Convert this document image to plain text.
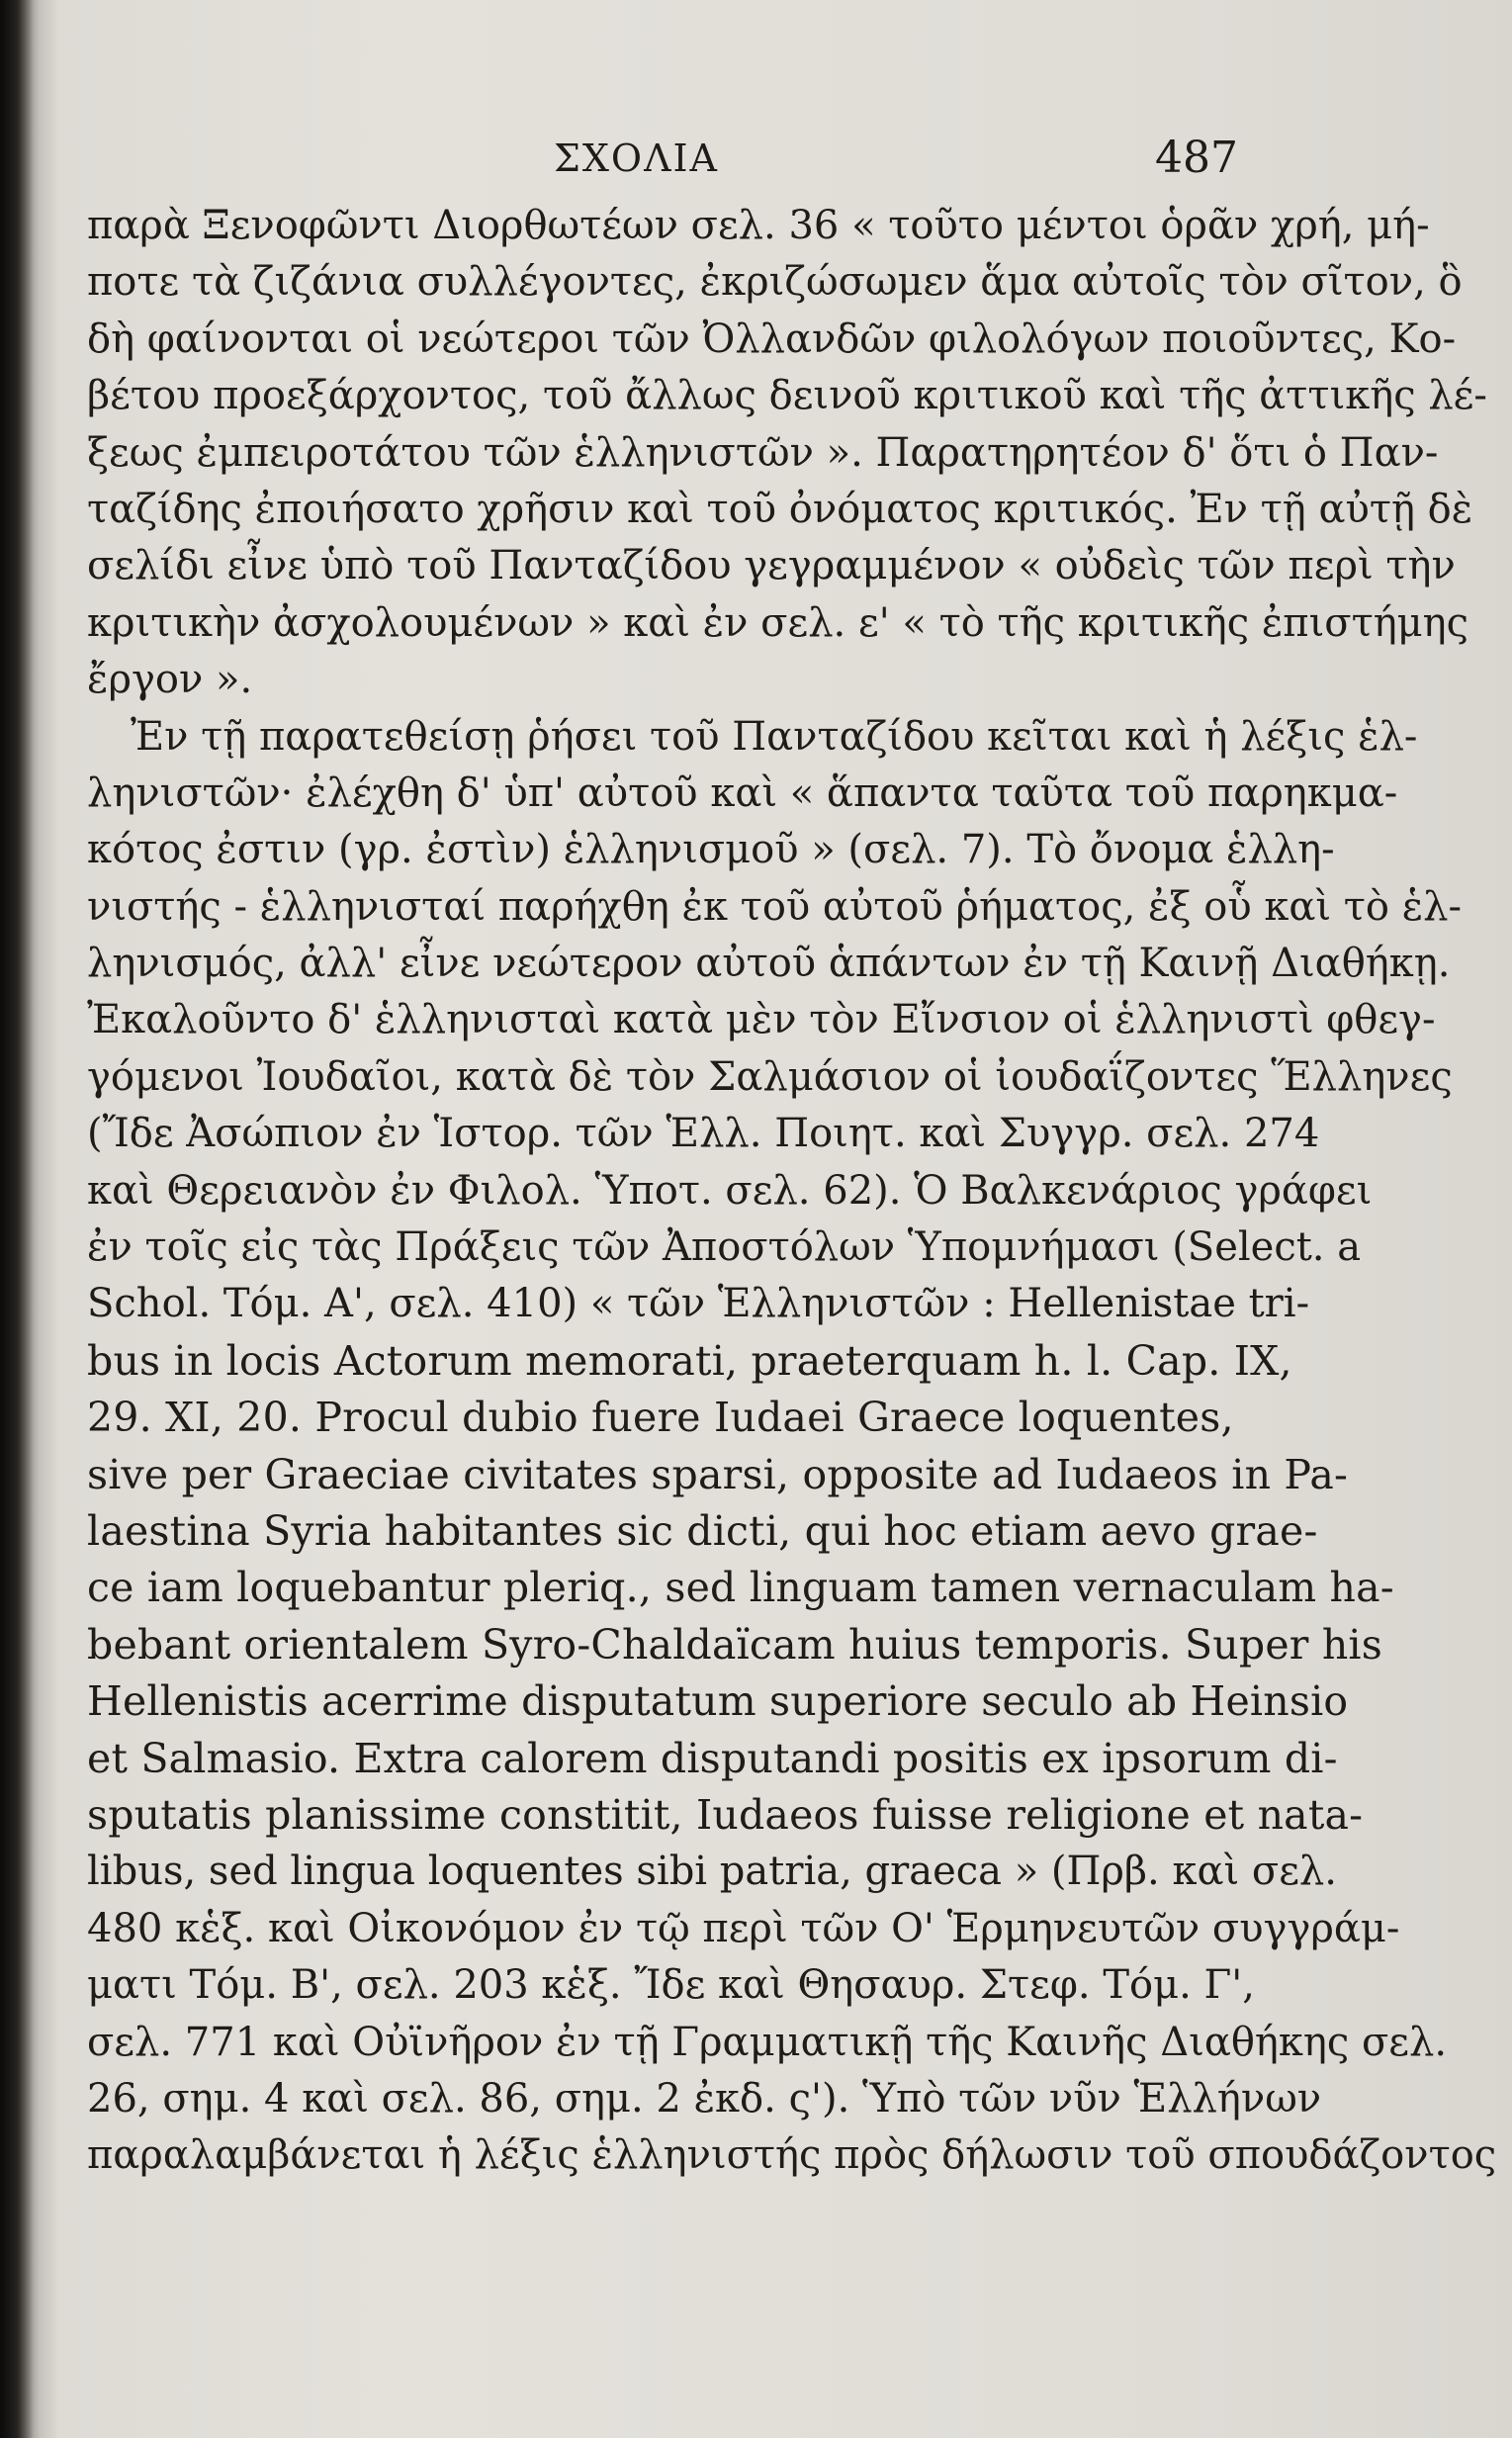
ΣΧΟΛΙΑ	487
παρὰ Ξενοφῶντι Διορθωτέων σελ. 36 « τοῦτο μέντοι ὁρᾶν χρή, μή-
ποτε τὰ ζιζάνια συλλέγοντες, ἐκριζώσωμεν ἅμα αὐτοῖς τὸν σῖτον, ὃ
δὴ φαίνονται οἱ νεώτεροι τῶν Ὀλλανδῶν φιλολόγων ποιοῦντες, Κο-
βέτου προεξάρχοντος, τοῦ ἄλλως δεινοῦ κριτικοῦ καὶ τῆς ἀττικῆς λέ-
ξεως ἐμπειροτάτου τῶν ἑλληνιστῶν ». Παρατηρητέον δ' ὅτι ὁ Παν-
ταζίδης ἐποιήσατο χρῆσιν καὶ τοῦ ὀνόματος κριτικός. Ἐν τῇ αὐτῇ δὲ
σελίδι εἶνε ὑπὸ τοῦ Πανταζίδου γεγραμμένον « οὐδεὶς τῶν περὶ τὴν
κριτικὴν ἀσχολουμένων » καὶ ἐν σελ. ε' « τὸ τῆς κριτικῆς ἐπιστήμης
ἔργον ».
Ἐν τῇ παρατεθείσῃ ῥήσει τοῦ Πανταζίδου κεῖται καὶ ἡ λέξις ἑλ-
ληνιστῶν· ἐλέχθη δ' ὑπ' αὐτοῦ καὶ « ἅπαντα ταῦτα τοῦ παρηκμα-
κότος ἐστιν (γρ. ἐστὶν) ἑλληνισμοῦ » (σελ. 7). Τὸ ὄνομα ἑλλη-
νιστής - ἑλληνισταί παρήχθη ἐκ τοῦ αὐτοῦ ῥήματος, ἐξ οὗ καὶ τὸ ἑλ-
ληνισμός, ἀλλ' εἶνε νεώτερον αὐτοῦ ἁπάντων ἐν τῇ Καινῇ Διαθήκῃ.
Ἐκαλοῦντο δ' ἑλληνισταὶ κατὰ μὲν τὸν Εἴνσιον οἱ ἑλληνιστὶ φθεγ-
γόμενοι Ἰουδαῖοι, κατὰ δὲ τὸν Σαλμάσιον οἱ ἰουδαΐζοντες Ἕλληνες
(Ἴδε Ἀσώπιον ἐν Ἱστορ. τῶν Ἑλλ. Ποιητ. καὶ Συγγρ. σελ. 274
καὶ Θερειανὸν ἐν Φιλολ. Ὑποτ. σελ. 62). Ὁ Βαλκενάριος γράφει
ἐν τοῖς εἰς τὰς Πράξεις τῶν Ἀποστόλων Ὑπομνήμασι (Select. a
Schol. Τόμ. Α', σελ. 410) « τῶν Ἑλληνιστῶν : Hellenistae tri-
bus in locis Actorum memorati, praeterquam h. l. Cap. IX,
29. XI, 20. Procul dubio fuere Iudaei Graece loquentes,
sive per Graeciae civitates sparsi, opposite ad Iudaeos in Pa-
laestina Syria habitantes sic dicti, qui hoc etiam aevo grae-
ce iam loquebantur pleriq., sed linguam tamen vernaculam ha-
bebant orientalem Syro-Chaldaïcam huius temporis. Super his
Hellenistis acerrime disputatum superiore seculo ab Heinsio
et Salmasio. Extra calorem disputandi positis ex ipsorum di-
sputatis planissime constitit, Iudaeos fuisse religione et nata-
libus, sed lingua loquentes sibi patria, graeca » (Πρβ. καὶ σελ.
480 κἑξ. καὶ Οἰκονόμον ἐν τῷ περὶ τῶν Ο' Ἑρμηνευτῶν συγγράμ-
ματι Τόμ. Β', σελ. 203 κἑξ. Ἴδε καὶ Θησαυρ. Στεφ. Τόμ. Γ',
σελ. 771 καὶ Οὐϊνῆρον ἐν τῇ Γραμματικῇ τῆς Καινῆς Διαθήκης σελ.
26, σημ. 4 καὶ σελ. 86, σημ. 2 ἐκδ. ς'). Ὑπὸ τῶν νῦν Ἑλλήνων
παραλαμβάνεται ἡ λέξις ἑλληνιστής πρὸς δήλωσιν τοῦ σπουδάζοντος
